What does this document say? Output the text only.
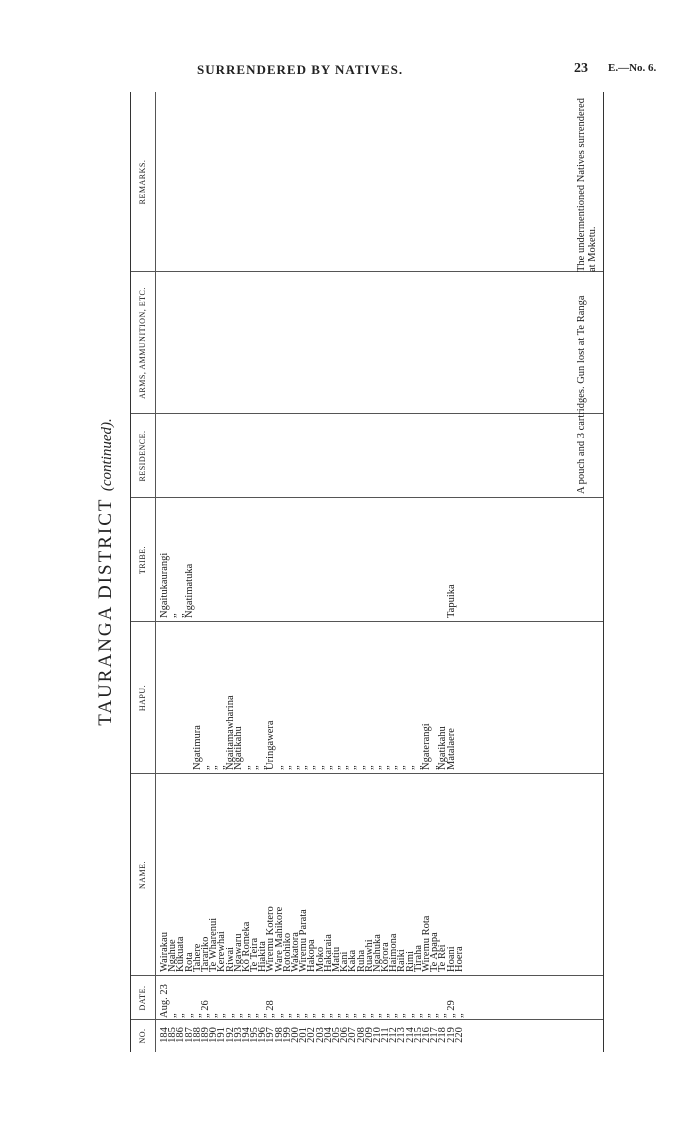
SURRENDERED BY NATIVES.	23 E.—No. 6.
TAURANGA DISTRICT (continued).
NO.
DATE.
NAME.
HAPU.
TRIBE.
RESIDENCE.
ARMS, AMMUNITION, ETC.
REMARKS.
184
185
186
187
188
189
190
191
192
193
194
195
196
197
198
199
200
201
202
203
204
205
206
207
208
209
210
211
212
213
214
215
216
217
218
219
220
Aug. 23
„
„
„
„
„ 26
„
„
„
„
„
„
„
„ 28
„
„
„
„
„
„
„
„
„
„
„
„
„
„
„
„
„
„
„
„
„
„ 29
„
Wairakau
Ngahue
Kukuata
Rota
Tahere
Tarariko
Te Wharenui
Kerewhai
Riwai
Ngawaru
Ko Romeka
Te Teira
Hiakita
Wiremu Kotero
Ware Mahikore
Rotohiko
Wakatora
Wiremu Parata
Hakopa
Moko
Hakaraia
Matiu
Kani
Kaka
Ruha
Ruawhi
Ngahuka
Korora
Haimona
Raiki
Rimi
Tiraha
Wiremu Rota
Te Apapa
Te Rei
Hoani
Hoera
Ngatimura
„
„
„
Ngaitamawharina
Ngatikahu
„
„
„
Uringawera
„
„
„
„
„
„
„
„
„
„
„
„
„
„
„
„
„
„
Ngaterangi
„
Ngatikahu
Matalaere
Ngaitukaurangi
„
„
Ngatimatuka	Tapuika
A pouch and 3 cartridges. Gun lost at Te Ranga
The undermentioned Natives surrendered at Moketu.
